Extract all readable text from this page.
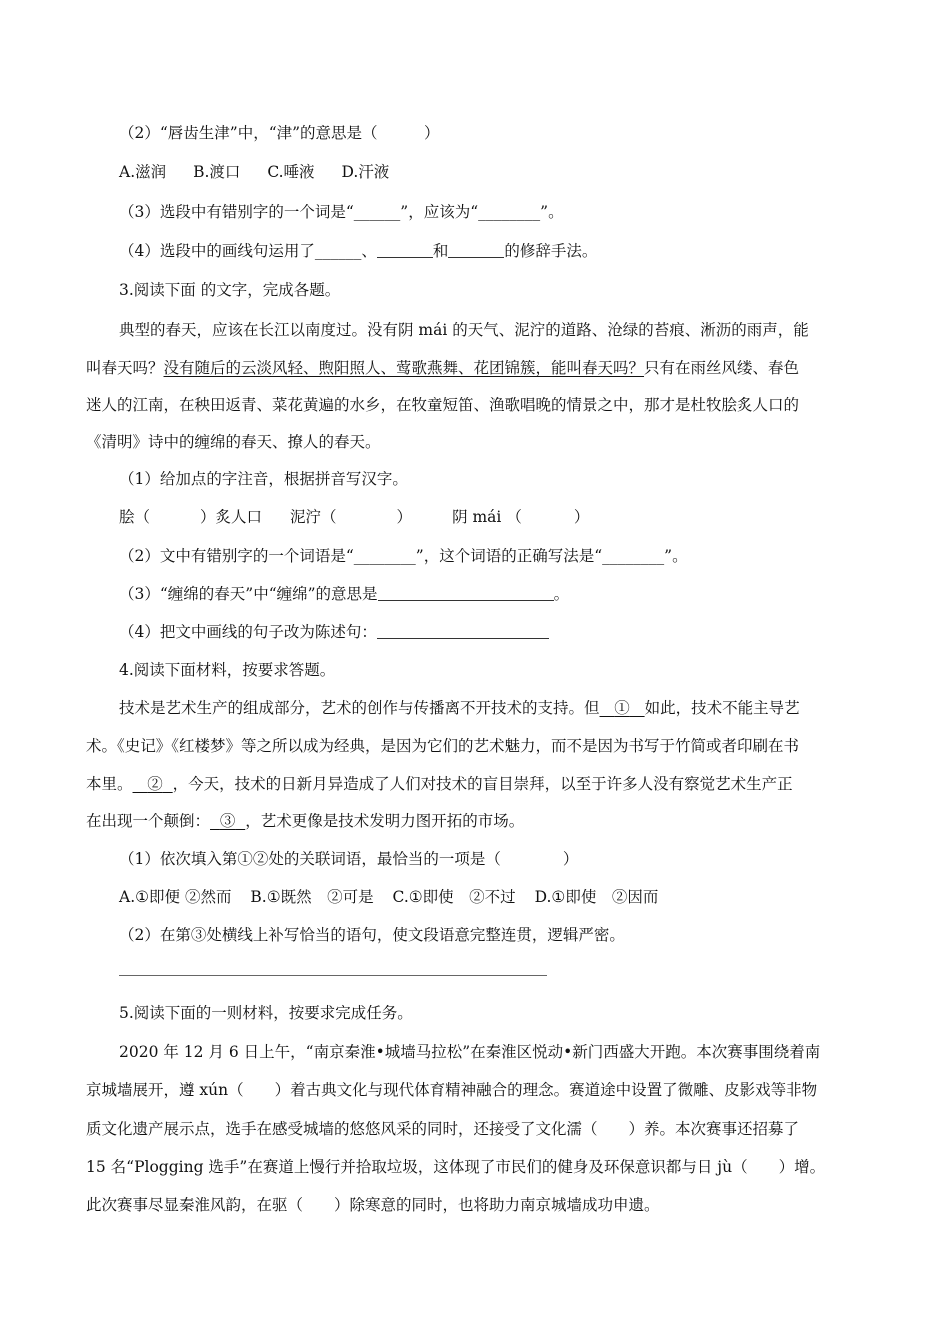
（2）“唇齿生津”中，“津”的意思是（　　　）
A.滋润 B.渡口 C.唾液 D.汗液
（3）选段中有错别字的一个词是“______”，应该为“________”。
（4）选段中的画线句运用了______、	和	的修辞手法。
3.阅读下面 的文字，完成各题。
典型的春天，应该在长江以南度过。没有阴 mái 的天气、泥泞的道路、沧绿的苔痕、淅沥的雨声，能
叫春天吗？没有随后的云淡风轻、煦阳照人、莺歌燕舞、花团锦簇，能叫春天吗？只有在雨丝风缕、春色
迷人的江南，在秧田返青、菜花黄遍的水乡，在牧童短笛、渔歌唱晚的情景之中，那才是杜牧脍炙人口的
《清明》诗中的缠绵的春天、撩人的春天。
（1）给加点的字注音，根据拼音写汉字。
脍（	）炙人口 泥泞（	）	阴 mái （	）
（2）文中有错别字的一个词语是“________”，这个词语的正确写法是“________”。
（3）“缠绵的春天”中“缠绵”的意思是	。
（4）把文中画线的句子改为陈述句：
4.阅读下面材料，按要求答题。
技术是艺术生产的组成部分，艺术的创作与传播离不开技术的支持。但 ① 如此，技术不能主导艺
术。《史记》《红楼梦》等之所以成为经典，是因为它们的艺术魅力，而不是因为书写于竹简或者印刷在书
本里。 ② ，今天，技术的日新月异造成了人们对技术的盲目崇拜，以至于许多人没有察觉艺术生产正
在出现一个颠倒： ③ ，艺术更像是技术发明力图开拓的市场。
（1）依次填入第①②处的关联词语，最恰当的一项是（　　　　）
A.①即便 ②然而 B.①既然　②可是 C.①即使　②不过 D.①即使　②因而
（2）在第③处横线上补写恰当的语句，使文段语意完整连贯，逻辑严密。
5.阅读下面的一则材料，按要求完成任务。
2020 年 12 月 6 日上午，“南京秦淮•城墙马拉松”在秦淮区悦动•新门西盛大开跑。本次赛事围绕着南
京城墙展开，遵 xún（　　）着古典文化与现代体育精神融合的理念。赛道途中设置了微雕、皮影戏等非物
质文化遗产展示点，选手在感受城墙的悠悠风采的同时，还接受了文化濡（　　）养。本次赛事还招募了
15 名“Plogging 选手”在赛道上慢行并拾取垃圾，这体现了市民们的健身及环保意识都与日 jù（　　）增。
此次赛事尽显秦淮风韵，在驱（　　）除寒意的同时，也将助力南京城墙成功申遗。
